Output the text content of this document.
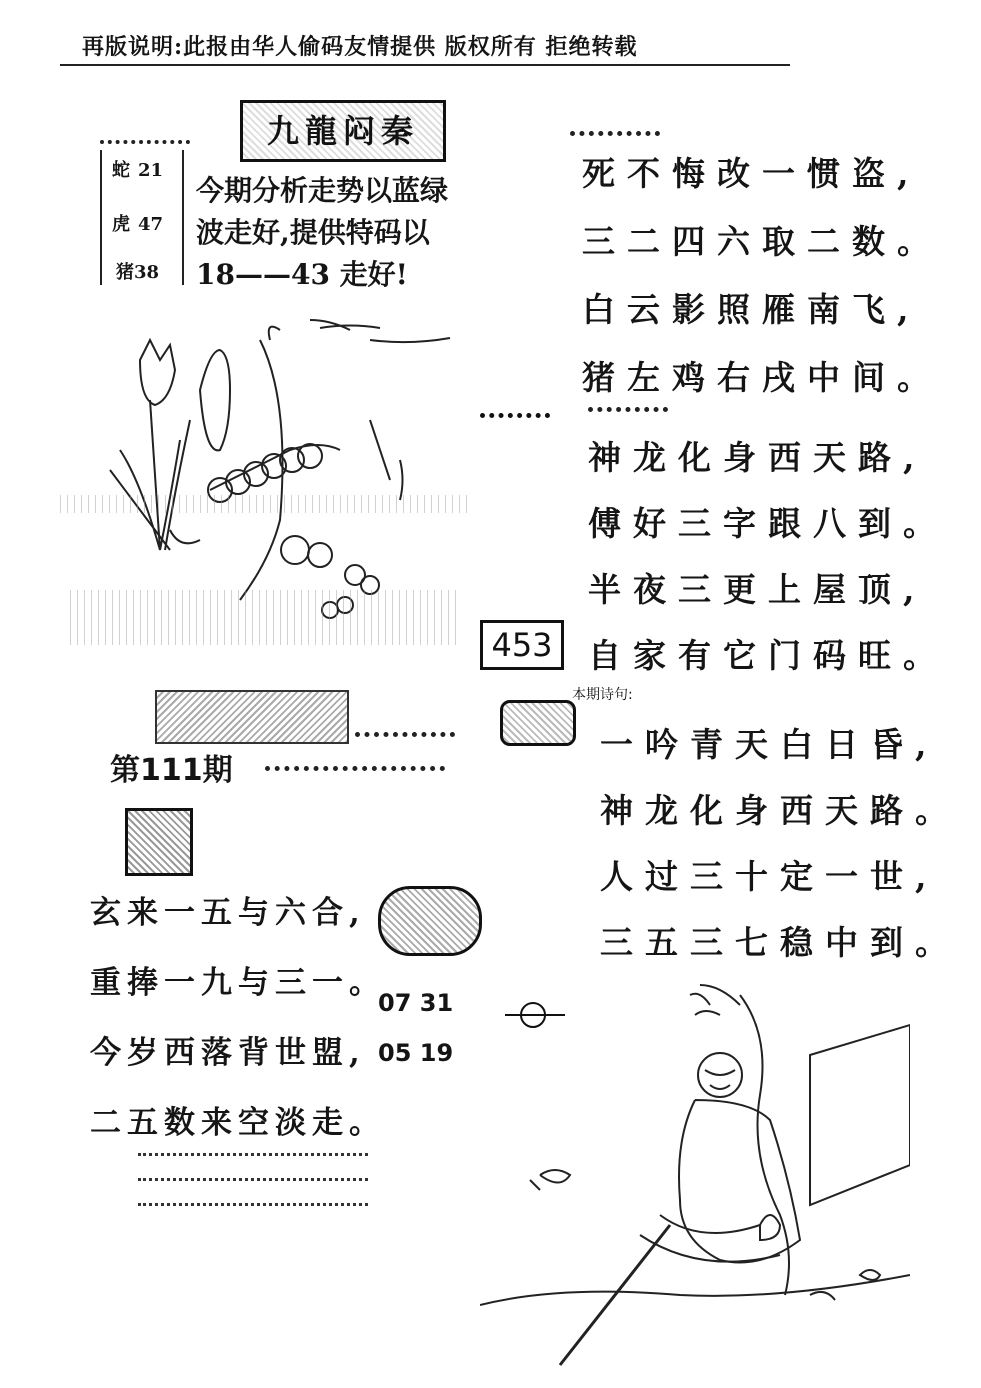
再版说明:此报由华人偷码友情提供 版权所有 拒绝转载
蛇 21
虎 47
猪38
九龍闷秦
今期分析走势以蓝绿
波走好,提供特码以
18——43 走好!
453
死不悔改一惯盗,
三二四六取二数。
白云影照雁南飞,
猪左鸡右戌中间。
神龙化身西天路,
傅好三字跟八到。
半夜三更上屋顶,
自家有它门码旺。
本期诗句:
一吟青天白日昏,
神龙化身西天路。
人过三十定一世,
三五三七稳中到。
第111期
玄来一五与六合,
重捧一九与三一。
今岁西落背世盟,
二五数来空淡走。
07 31
05 19
